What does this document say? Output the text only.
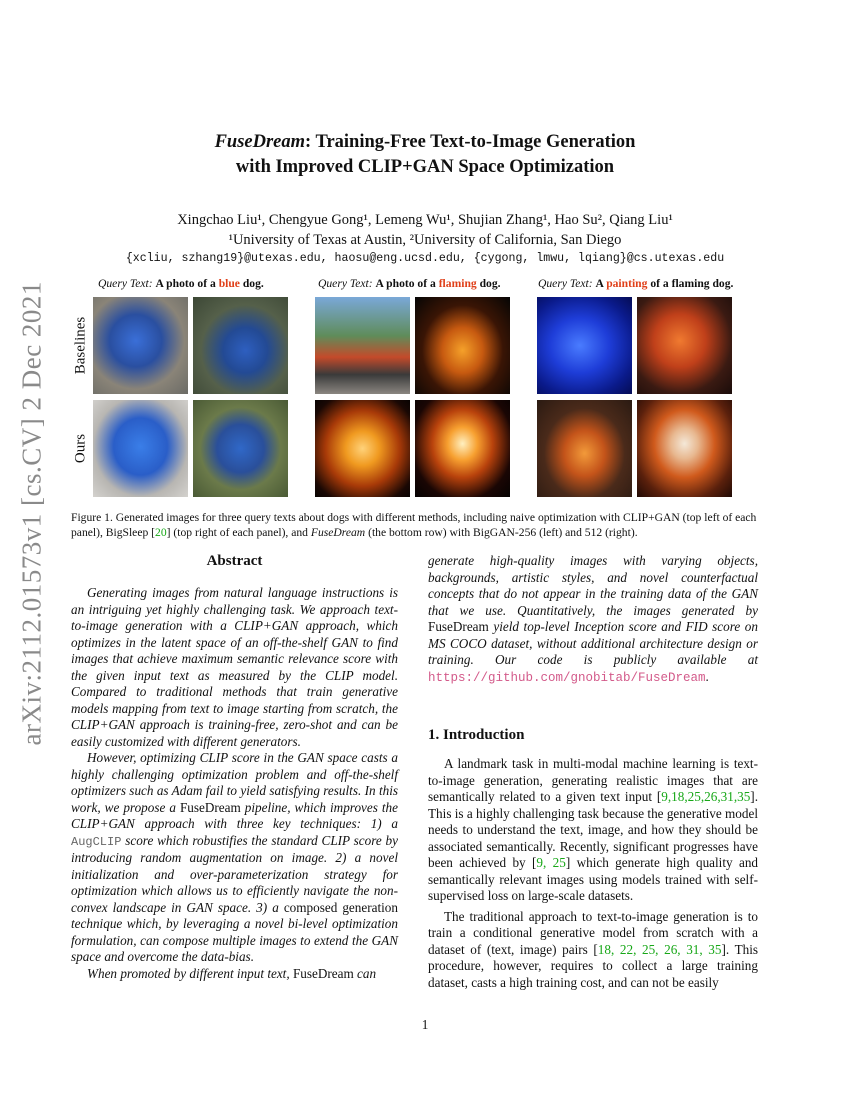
arXiv:2112.01573v1 [cs.CV] 2 Dec 2021
FuseDream: Training-Free Text-to-Image Generation
with Improved CLIP+GAN Space Optimization
Xingchao Liu¹, Chengyue Gong¹, Lemeng Wu¹, Shujian Zhang¹, Hao Su², Qiang Liu¹
¹University of Texas at Austin, ²University of California, San Diego
{xcliu, szhang19}@utexas.edu, haosu@eng.ucsd.edu, {cygong, lmwu, lqiang}@cs.utexas.edu
Query Text: A photo of a blue dog.	Query Text: A photo of a flaming dog.	Query Text: A painting of a flaming dog.
Baselines
Ours
Figure 1. Generated images for three query texts about dogs with different methods, including naive optimization with CLIP+GAN (top left of each panel), BigSleep [20] (top right of each panel), and FuseDream (the bottom row) with BigGAN-256 (left) and 512 (right).
Abstract

Generating images from natural language instructions is an intriguing yet highly challenging task. We approach text-to-image generation with a CLIP+GAN approach, which optimizes in the latent space of an off-the-shelf GAN to find images that achieve maximum semantic relevance score with the given input text as measured by the CLIP model. Compared to traditional methods that train generative models mapping from text to image starting from scratch, the CLIP+GAN approach is training-free, zero-shot and can be easily customized with different generators.

However, optimizing CLIP score in the GAN space casts a highly challenging optimization problem and off-the-shelf optimizers such as Adam fail to yield satisfying results. In this work, we propose a FuseDream pipeline, which improves the CLIP+GAN approach with three key techniques: 1) a AugCLIP score which robustifies the standard CLIP score by introducing random augmentation on image. 2) a novel initialization and over-parameterization strategy for optimization which allows us to efficiently navigate the non-convex landscape in GAN space. 3) a composed generation technique which, by leveraging a novel bi-level optimization formulation, can compose multiple images to extend the GAN space and overcome the data-bias.

When promoted by different input text, FuseDream can

generate high-quality images with varying objects, backgrounds, artistic styles, and novel counterfactual concepts that do not appear in the training data of the GAN that we use. Quantitatively, the images generated by FuseDream yield top-level Inception score and FID score on MS COCO dataset, without additional architecture design or training. Our code is publicly available at https://github.com/gnobitab/FuseDream.

1. Introduction

A landmark task in multi-modal machine learning is text-to-image generation, generating realistic images that are semantically related to a given text input [9,18,25,26,31,35]. This is a highly challenging task because the generative model needs to understand the text, image, and how they should be associated semantically. Recently, significant progresses have been achieved by [9, 25] which generate high quality and semantically relevant images using models trained with self-supervised loss on large-scale datasets.

The traditional approach to text-to-image generation is to train a conditional generative model from scratch with a dataset of (text, image) pairs [18, 22, 25, 26, 31, 35]. This procedure, however, requires to collect a large training dataset, casts a high training cost, and can not be easily

1
